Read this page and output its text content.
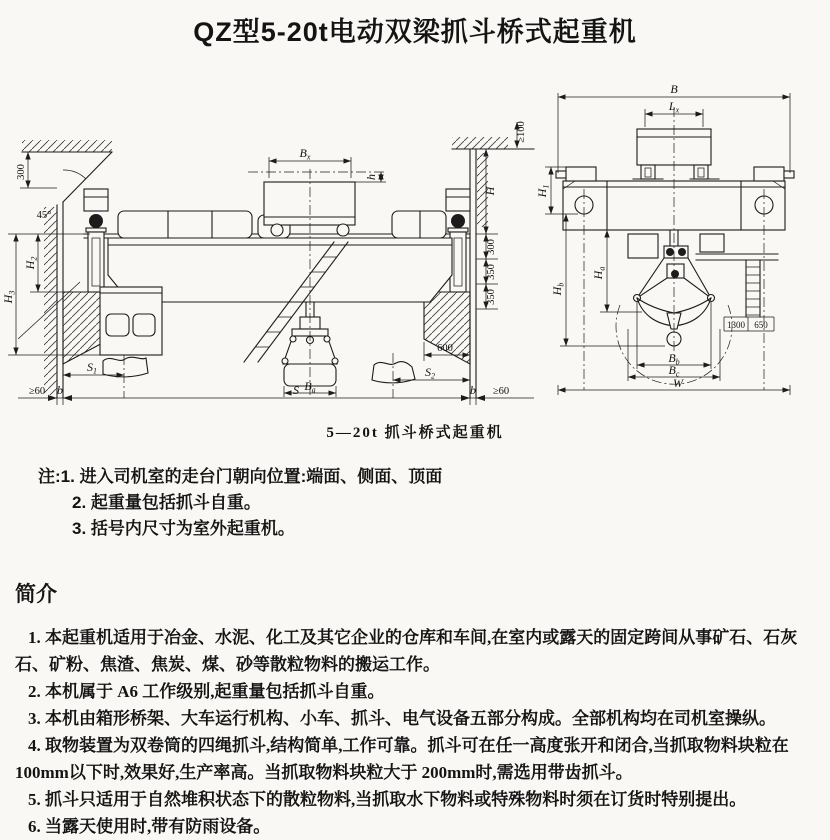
QZ型5-20t电动双梁抓斗桥式起重机
300
45°
$B_x$
h
≥100
H
300
350
350
600
$H_2$
$H_3$
$B_a$
$S_1$	$S_2$
S
b	b
≥60	≥60
B
$L_x$
$H_1$
$H_a$
$H_b$
1300 650
$B_b$
$B_c$
W
5—20t 抓斗桥式起重机
注: 1. 进入司机室的走台门朝向位置:端面、侧面、顶面
2. 起重量包括抓斗自重。
3. 括号内尺寸为室外起重机。
简介

1. 本起重机适用于冶金、水泥、化工及其它企业的仓库和车间,在室内或露天的固定跨间从事矿石、石灰石、矿粉、焦渣、焦炭、煤、砂等散粒物料的搬运工作。

2. 本机属于 A6 工作级别,起重量包括抓斗自重。

3. 本机由箱形桥架、大车运行机构、小车、抓斗、电气设备五部分构成。全部机构均在司机室操纵。

4. 取物装置为双卷筒的四绳抓斗,结构简单,工作可靠。抓斗可在任一高度张开和闭合,当抓取物料块粒在 100mm以下时,效果好,生产率高。当抓取物料块粒大于 200mm时,需选用带齿抓斗。

5. 抓斗只适用于自然堆积状态下的散粒物料,当抓取水下物料或特殊物料时须在订货时特别提出。

6. 当露天使用时,带有防雨设备。
